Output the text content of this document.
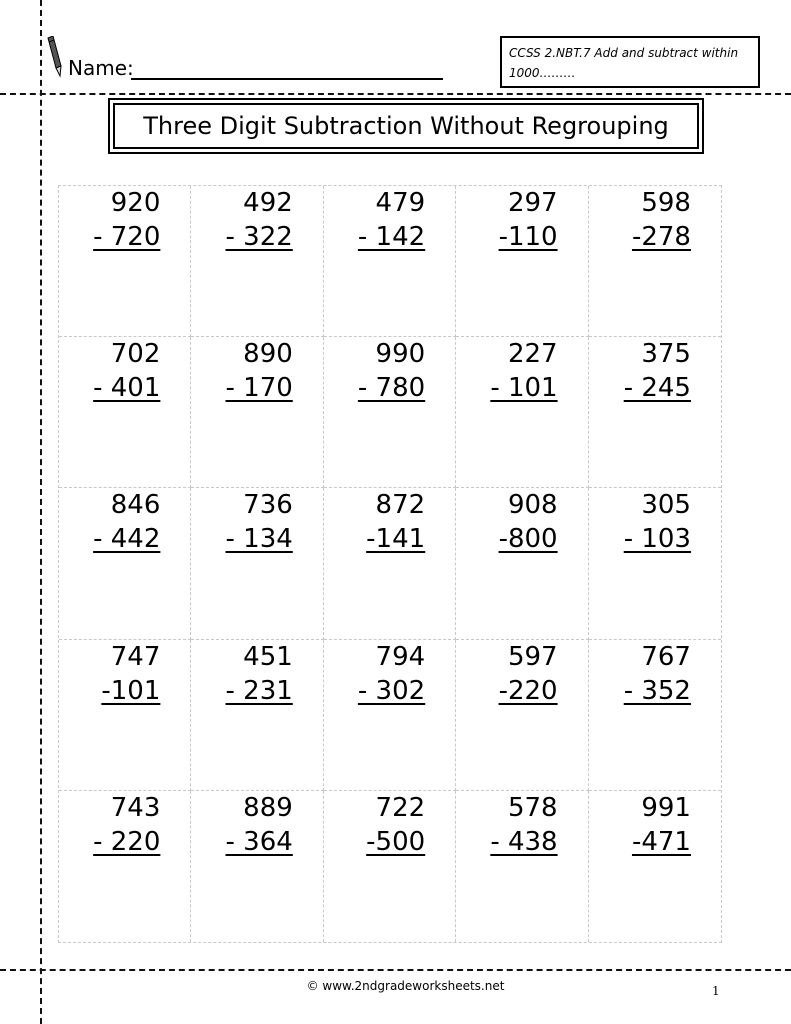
Name:
CCSS 2.NBT.7 Add and subtract within
1000………
Three Digit Subtraction Without Regrouping
920
- 720
492
- 322
479
- 142
297
-110
598
-278
702
- 401
890
- 170
990
- 780
227
- 101
375
- 245
846
- 442
736
- 134
872
-141
908
-800
305
- 103
747
-101
451
- 231
794
- 302
597
-220
767
- 352
743
- 220
889
- 364
722
-500
578
- 438
991
-471
© www.2ndgradeworksheets.net	1
